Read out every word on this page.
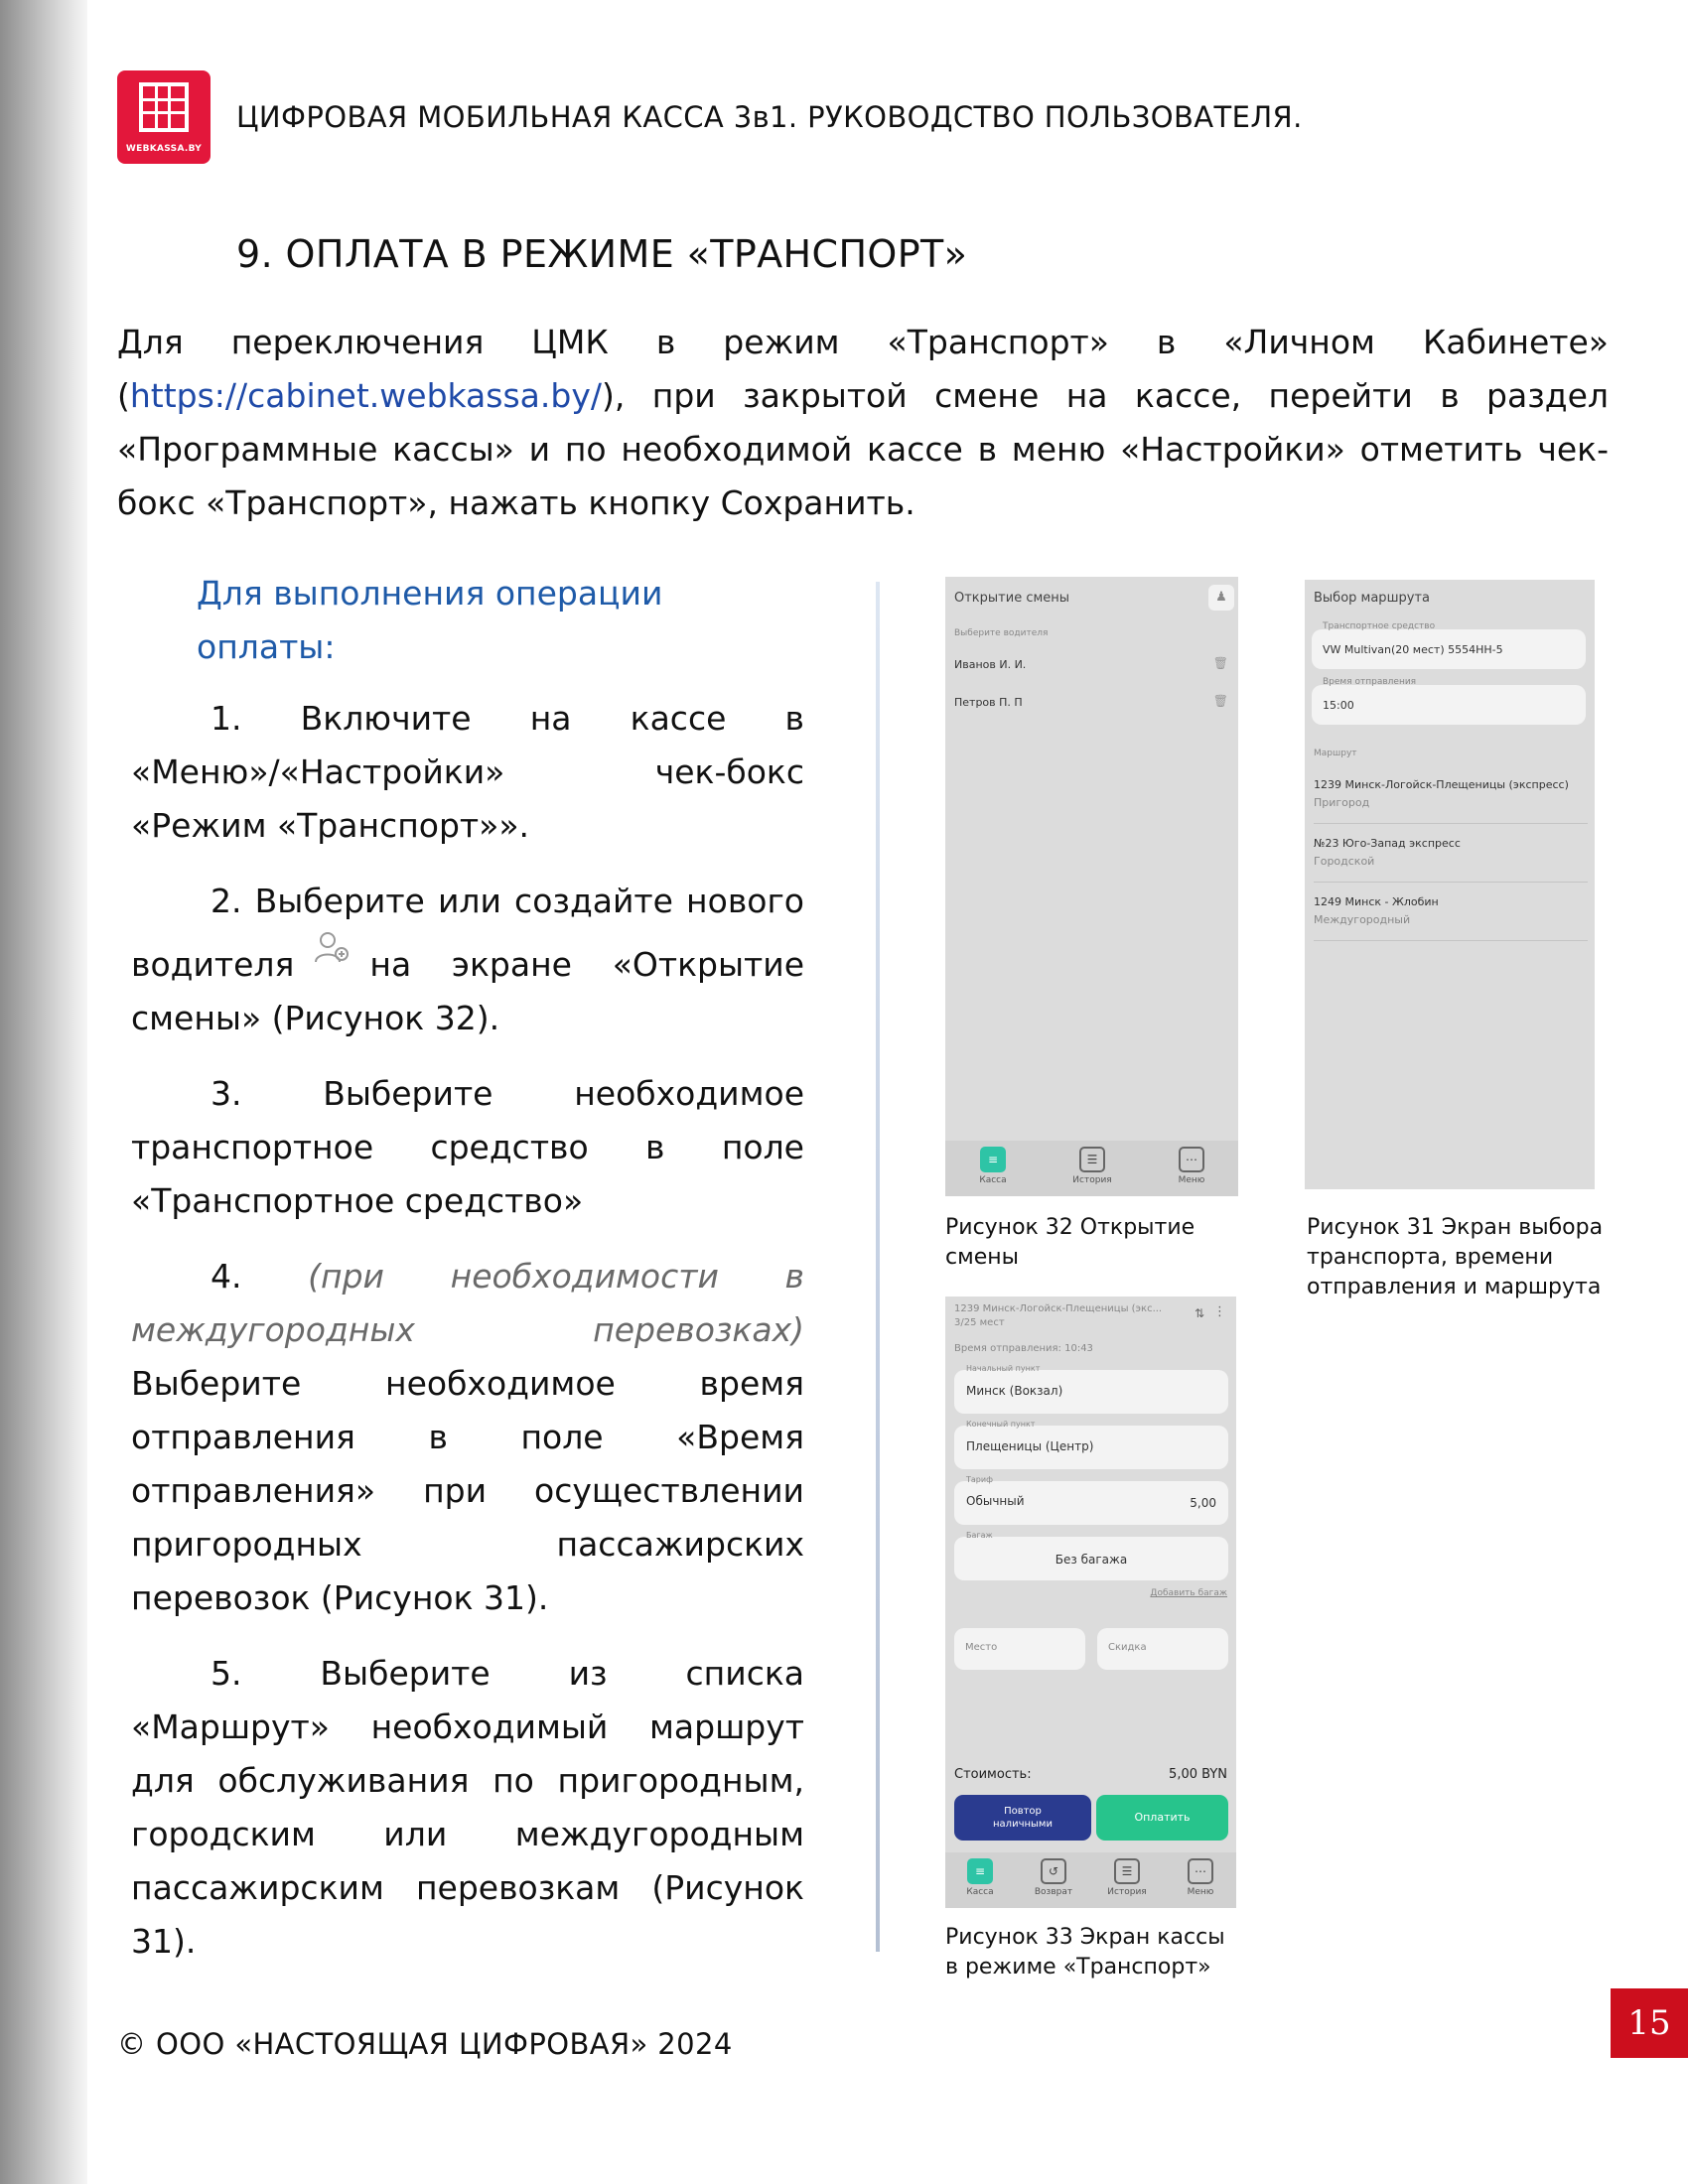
WEBKASSA.BY
ЦИФРОВАЯ МОБИЛЬНАЯ КАССА 3в1. РУКОВОДСТВО ПОЛЬЗОВАТЕЛЯ.
9. ОПЛАТА В РЕЖИМЕ «ТРАНСПОРТ»
Для переключения ЦМК в режим «Транспорт» в «Личном Кабинете» (https://cabinet.webkassa.by/), при закрытой смене на кассе, перейти в раздел «Программные кассы» и по необходимой кассе в меню «Настройки» отметить чек-бокс «Транспорт», нажать кнопку Сохранить.
Для выполнения операции оплаты:
1. Включите на кассе в «Меню»/«Настройки» чек-бокс «Режим «Транспорт»».
2. Выберите или создайте нового водителя на экране «Открытие смены» (Рисунок 32).
3. Выберите необходимое транспортное средство в поле «Транспортное средство»
4. (при необходимости в междугородных перевозках) Выберите необходимое время отправления в поле «Время отправления» при осуществлении пригородных пассажирских перевозок (Рисунок 31).
5. Выберите из списка «Маршрут» необходимый маршрут для обслуживания по пригородным, городским или междугородным пассажирским перевозкам (Рисунок 31).
Открытие смены	♟
Выберите водителя
Иванов И. И.	🗑
Петров П. П	🗑
≡
Касса
☰
История
⋯
Меню
Рисунок 32 Открытие смены
Выбор маршрута
Транспортное средство
VW Multivan(20 мест) 5554НН-5
Время отправления
15:00
Маршрут
1239 Минск-Логойск-Плещеницы (экспресс)
Пригород
№23 Юго-Запад экспресс
Городской
1249 Минск - Жлобин
Междугородный
Рисунок 31 Экран выбора транспорта, времени отправления и маршрута
1239 Минск-Логойск-Плещеницы (экс...
3/25 мест
⇅ ⋮
Время отправления: 10:43
Начальный пункт
Минск (Вокзал)
Конечный пункт
Плещеницы (Центр)
Тариф
Обычный	5,00
Багаж
Без багажа
Добавить багаж
Место	Скидка
Стоимость:	5,00 BYN
Повтор наличными
Оплатить
≡
Касса
↺
Возврат
☰
История
⋯
Меню
Рисунок 33 Экран кассы в режиме «Транспорт»
© ООО «НАСТОЯЩАЯ ЦИФРОВАЯ» 2024
15
